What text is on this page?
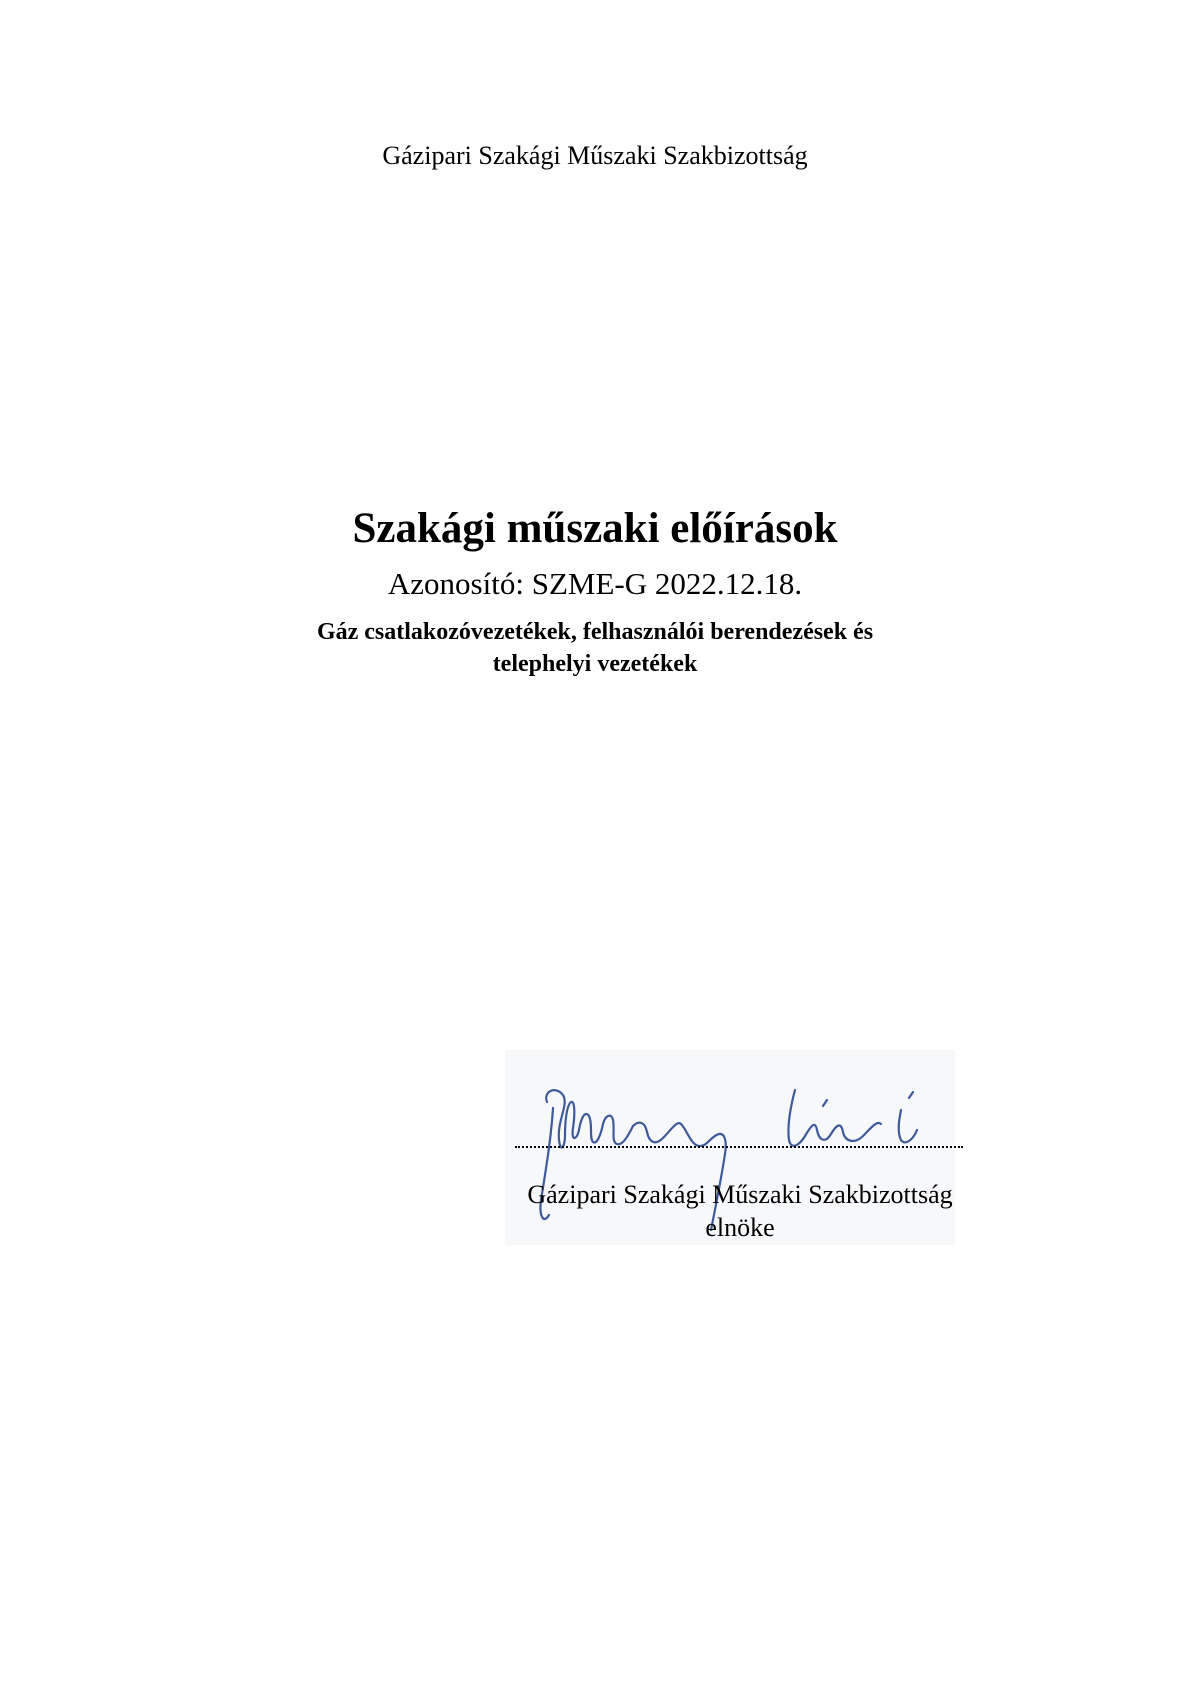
Gázipari Szakági Műszaki Szakbizottság
Szakági műszaki előírások
Azonosító: SZME-G 2022.12.18.
Gáz csatlakozóvezetékek, felhasználói berendezések és
telephelyi vezetékek
Gázipari Szakági Műszaki Szakbizottság
elnöke
